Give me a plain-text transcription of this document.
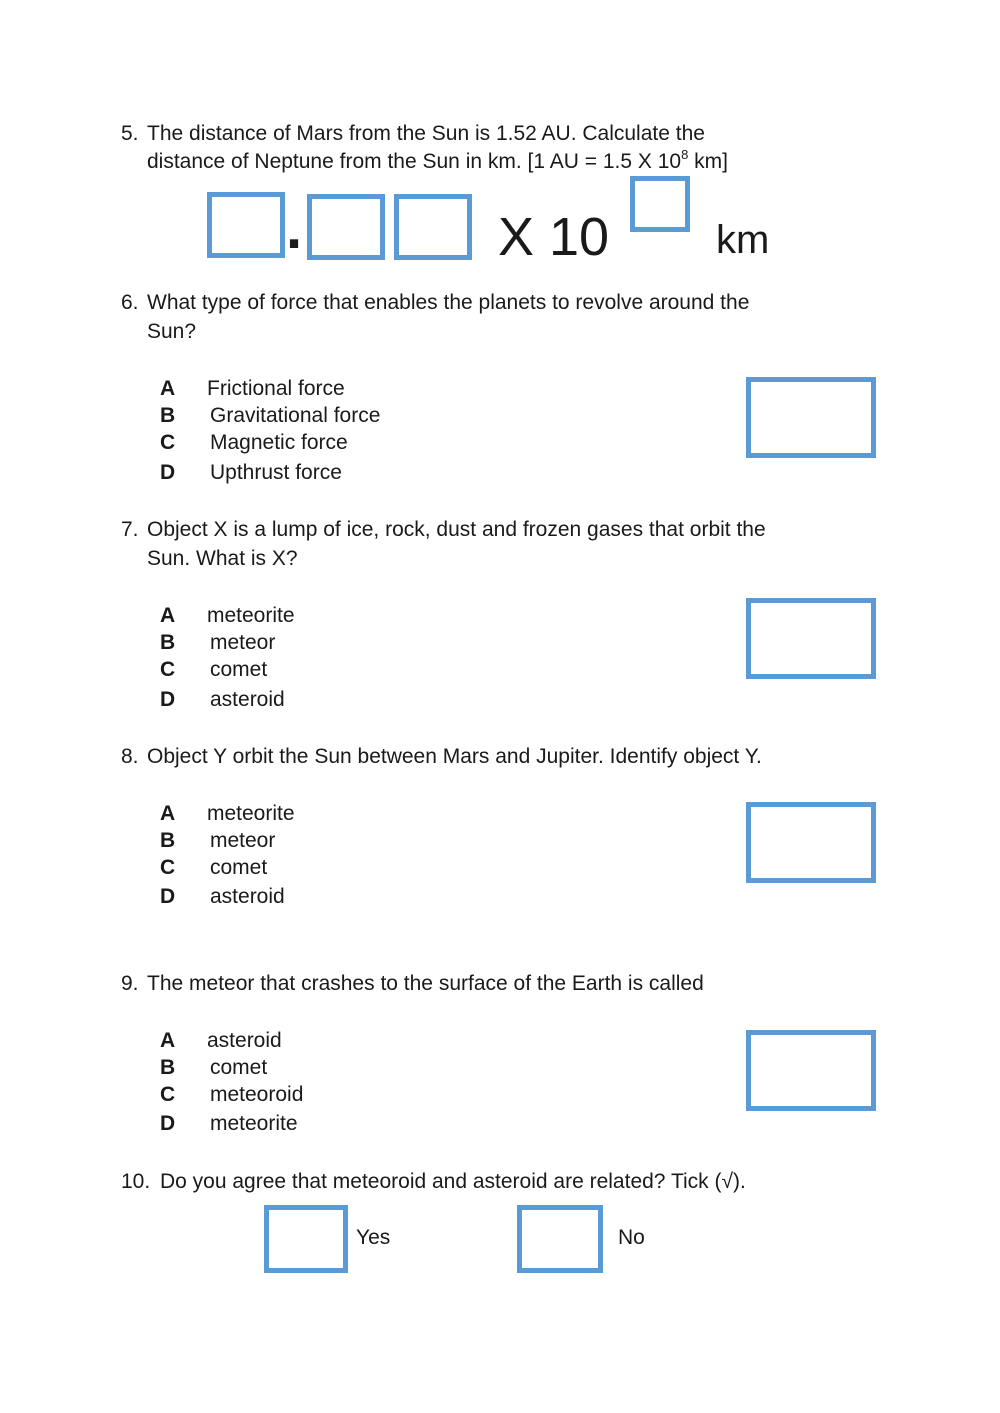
5. The distance of Mars from the Sun is 1.52 AU. Calculate the
distance of Neptune from the Sun in km. [1 AU = 1.5 X $10^8$ km]
.	X 10	km
6. What type of force that enables the planets to revolve around the
Sun?
A Frictional force
B Gravitational force
C Magnetic force
D Upthrust force
7. Object X is a lump of ice, rock, dust and frozen gases that orbit the
Sun. What is X?
A meteorite
B meteor
C comet
D asteroid
8. Object Y orbit the Sun between Mars and Jupiter. Identify object Y.
A meteorite
B meteor
C comet
D asteroid
9. The meteor that crashes to the surface of the Earth is called
A asteroid
B comet
C meteoroid
D meteorite
10. Do you agree that meteoroid and asteroid are related? Tick (√).
Yes	No
